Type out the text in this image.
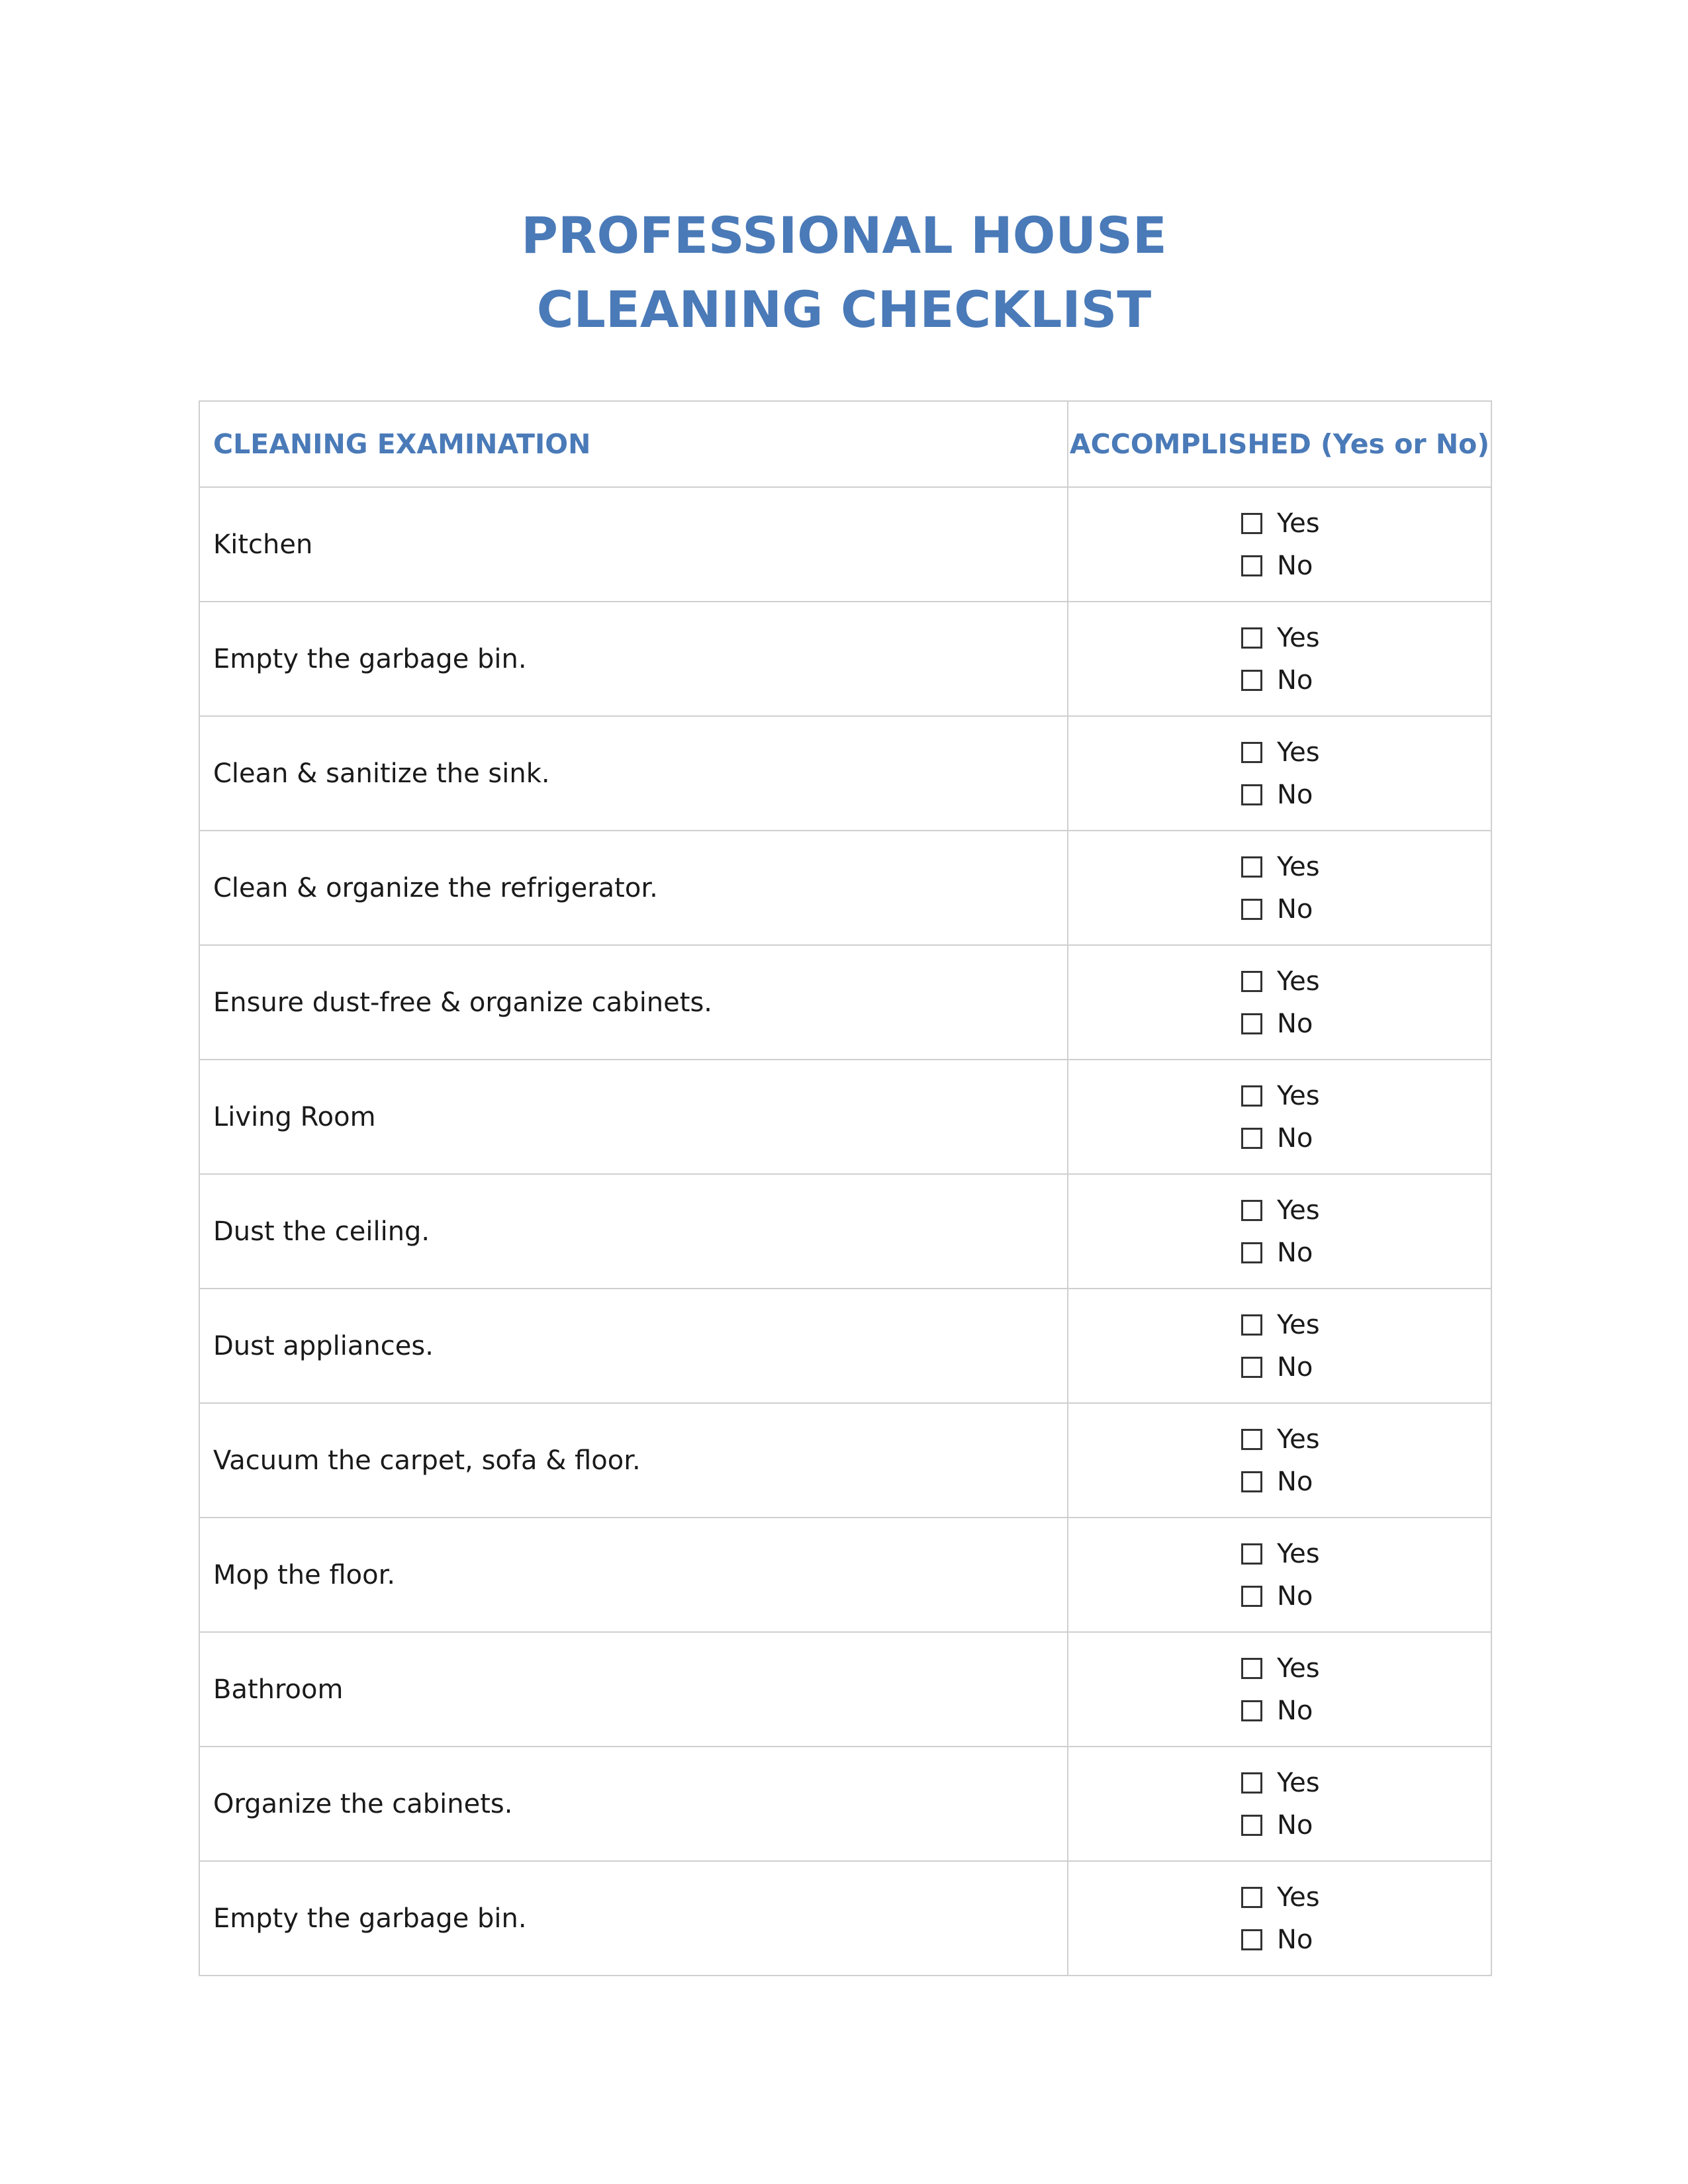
PROFESSIONAL HOUSE
CLEANING CHECKLIST
CLEANING EXAMINATION	ACCOMPLISHED (Yes or No)
Kitchen	Yes
No

Empty the garbage bin.	Yes
No

Clean & sanitize the sink.	Yes
No

Clean & organize the refrigerator.	Yes
No

Ensure dust-free & organize cabinets.	Yes
No

Living Room	Yes
No

Dust the ceiling.	Yes
No

Dust appliances.	Yes
No

Vacuum the carpet, sofa & floor.	Yes
No

Mop the floor.	Yes
No

Bathroom	Yes
No

Organize the cabinets.	Yes
No

Empty the garbage bin.	Yes
No
